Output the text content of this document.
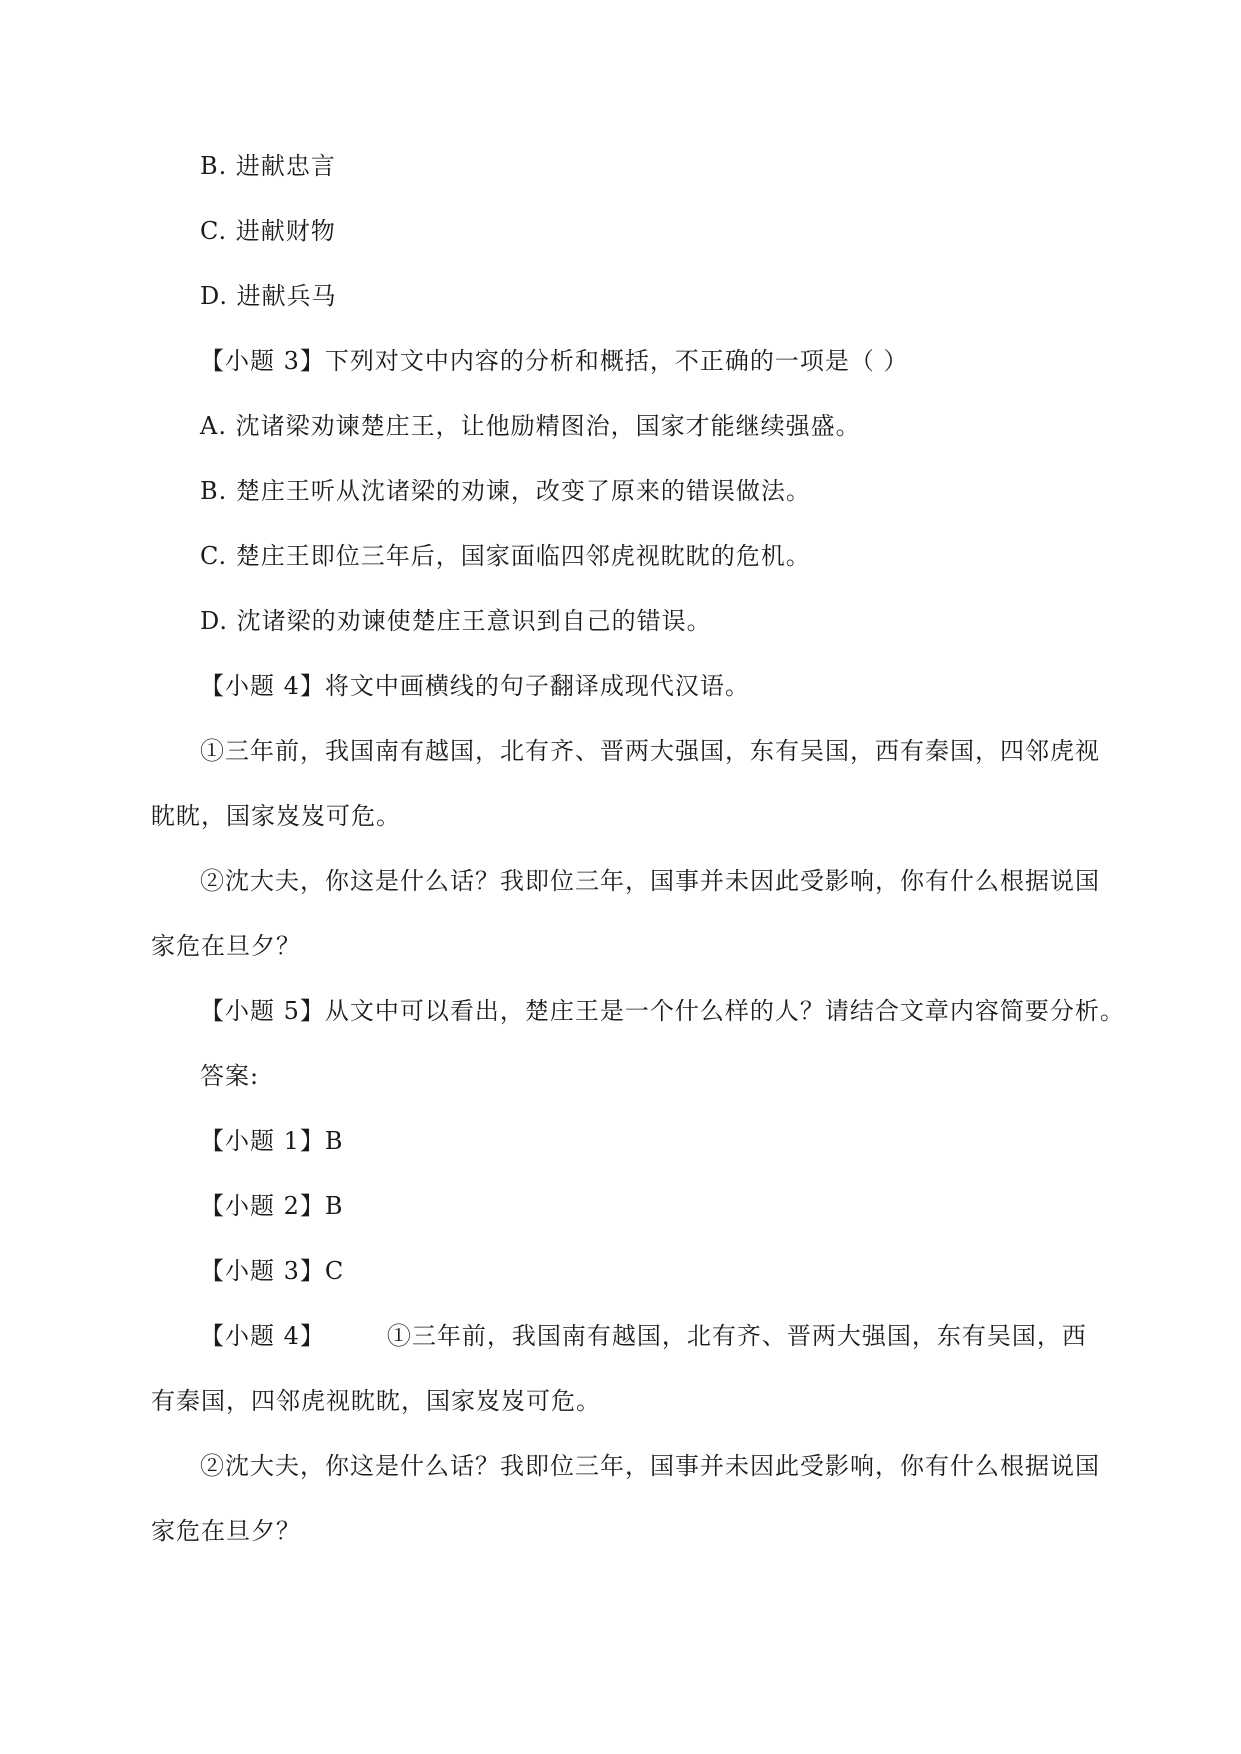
B. 进献忠言
C. 进献财物
D. 进献兵马
【小题 3】下列对文中内容的分析和概括，不正确的一项是（ ）
A. 沈诸梁劝谏楚庄王，让他励精图治，国家才能继续强盛。
B. 楚庄王听从沈诸梁的劝谏，改变了原来的错误做法。
C. 楚庄王即位三年后，国家面临四邻虎视眈眈的危机。
D. 沈诸梁的劝谏使楚庄王意识到自己的错误。
【小题 4】将文中画横线的句子翻译成现代汉语。
①三年前，我国南有越国，北有齐、晋两大强国，东有吴国，西有秦国，四邻虎视
眈眈，国家岌岌可危。
②沈大夫，你这是什么话？我即位三年，国事并未因此受影响，你有什么根据说国
家危在旦夕？
【小题 5】从文中可以看出，楚庄王是一个什么样的人？请结合文章内容简要分析。
答案:
【小题 1】B
【小题 2】B
【小题 3】C
【小题 4】	①三年前，我国南有越国，北有齐、晋两大强国，东有吴国，西
有秦国，四邻虎视眈眈，国家岌岌可危。
②沈大夫，你这是什么话？我即位三年，国事并未因此受影响，你有什么根据说国
家危在旦夕？
